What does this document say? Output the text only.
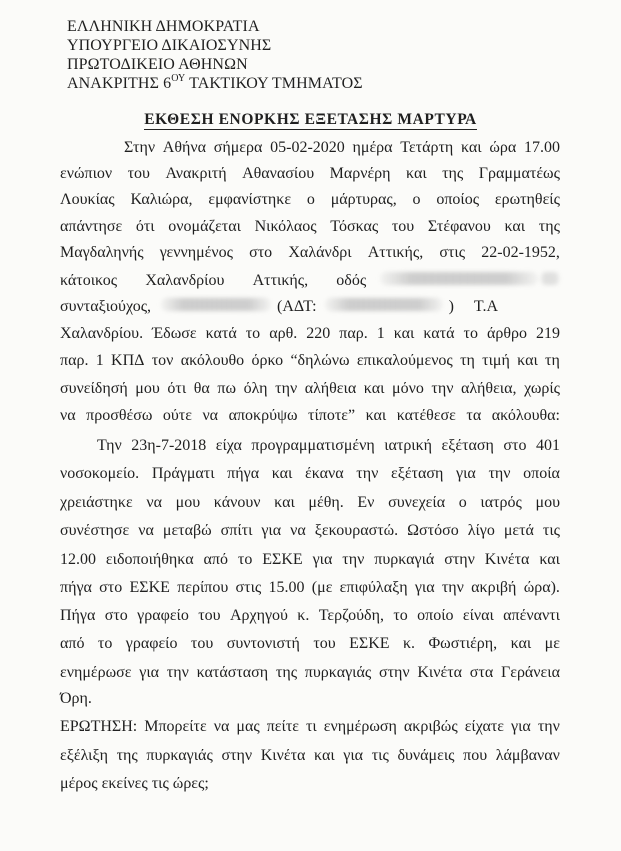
ΕΛΛΗΝΙΚΗ ΔΗΜΟΚΡΑΤΙΑ
ΥΠΟΥΡΓΕΙΟ ΔΙΚΑΙΟΣΥΝΗΣ
ΠΡΩΤΟΔΙΚΕΙΟ ΑΘΗΝΩΝ
ΑΝΑΚΡΙΤΗΣ $6^{O\Upsilon}$ ΤΑΚΤΙΚΟΥ ΤΜΗΜΑΤΟΣ
ΕΚΘΕΣΗ ΕΝΟΡΚΗΣ ΕΞΕΤΑΣΗΣ ΜΑΡΤΥΡΑ
Στην Αθήνα σήμερα 05-02-2020 ημέρα Τετάρτη και ώρα 17.00
ενώπιον του Ανακριτή Αθανασίου Μαρνέρη και της Γραμματέως
Λουκίας Καλιώρα, εμφανίστηκε ο μάρτυρας, ο οποίος ερωτηθείς
απάντησε ότι ονομάζεται Νικόλαος Τόσκας του Στέφανου και της
Μαγδαληνής γεννημένος στο Χαλάνδρι Αττικής, στις 22-02-1952,
κάτοικος Χαλανδρίου Αττικής, οδός
συνταξιούχος,	(ΑΔΤ:	) Τ.Α
Χαλανδρίου. Έδωσε κατά το αρθ. 220 παρ. 1 και κατά το άρθρο 219
παρ. 1 ΚΠΔ τον ακόλουθο όρκο “δηλώνω επικαλούμενος τη τιμή και τη
συνείδησή μου ότι θα πω όλη την αλήθεια και μόνο την αλήθεια, χωρίς
να προσθέσω ούτε να αποκρύψω τίποτε” και κατέθεσε τα ακόλουθα:
Την 23η-7-2018 είχα προγραμματισμένη ιατρική εξέταση στο 401
νοσοκομείο. Πράγματι πήγα και έκανα την εξέταση για την οποία
χρειάστηκε να μου κάνουν και μέθη. Εν συνεχεία ο ιατρός μου
συνέστησε να μεταβώ σπίτι για να ξεκουραστώ. Ωστόσο λίγο μετά τις
12.00 ειδοποιήθηκα από το ΕΣΚΕ για την πυρκαγιά στην Κινέτα και
πήγα στο ΕΣΚΕ περίπου στις 15.00 (με επιφύλαξη για την ακριβή ώρα).
Πήγα στο γραφείο του Αρχηγού κ. Τερζούδη, το οποίο είναι απέναντι
από το γραφείο του συντονιστή του ΕΣΚΕ κ. Φωστιέρη, και με
ενημέρωσε για την κατάσταση της πυρκαγιάς στην Κινέτα στα Γεράνεια
Όρη.
ΕΡΩΤΗΣΗ: Μπορείτε να μας πείτε τι ενημέρωση ακριβώς είχατε για την
εξέλιξη της πυρκαγιάς στην Κινέτα και για τις δυνάμεις που λάμβαναν
μέρος εκείνες τις ώρες;
